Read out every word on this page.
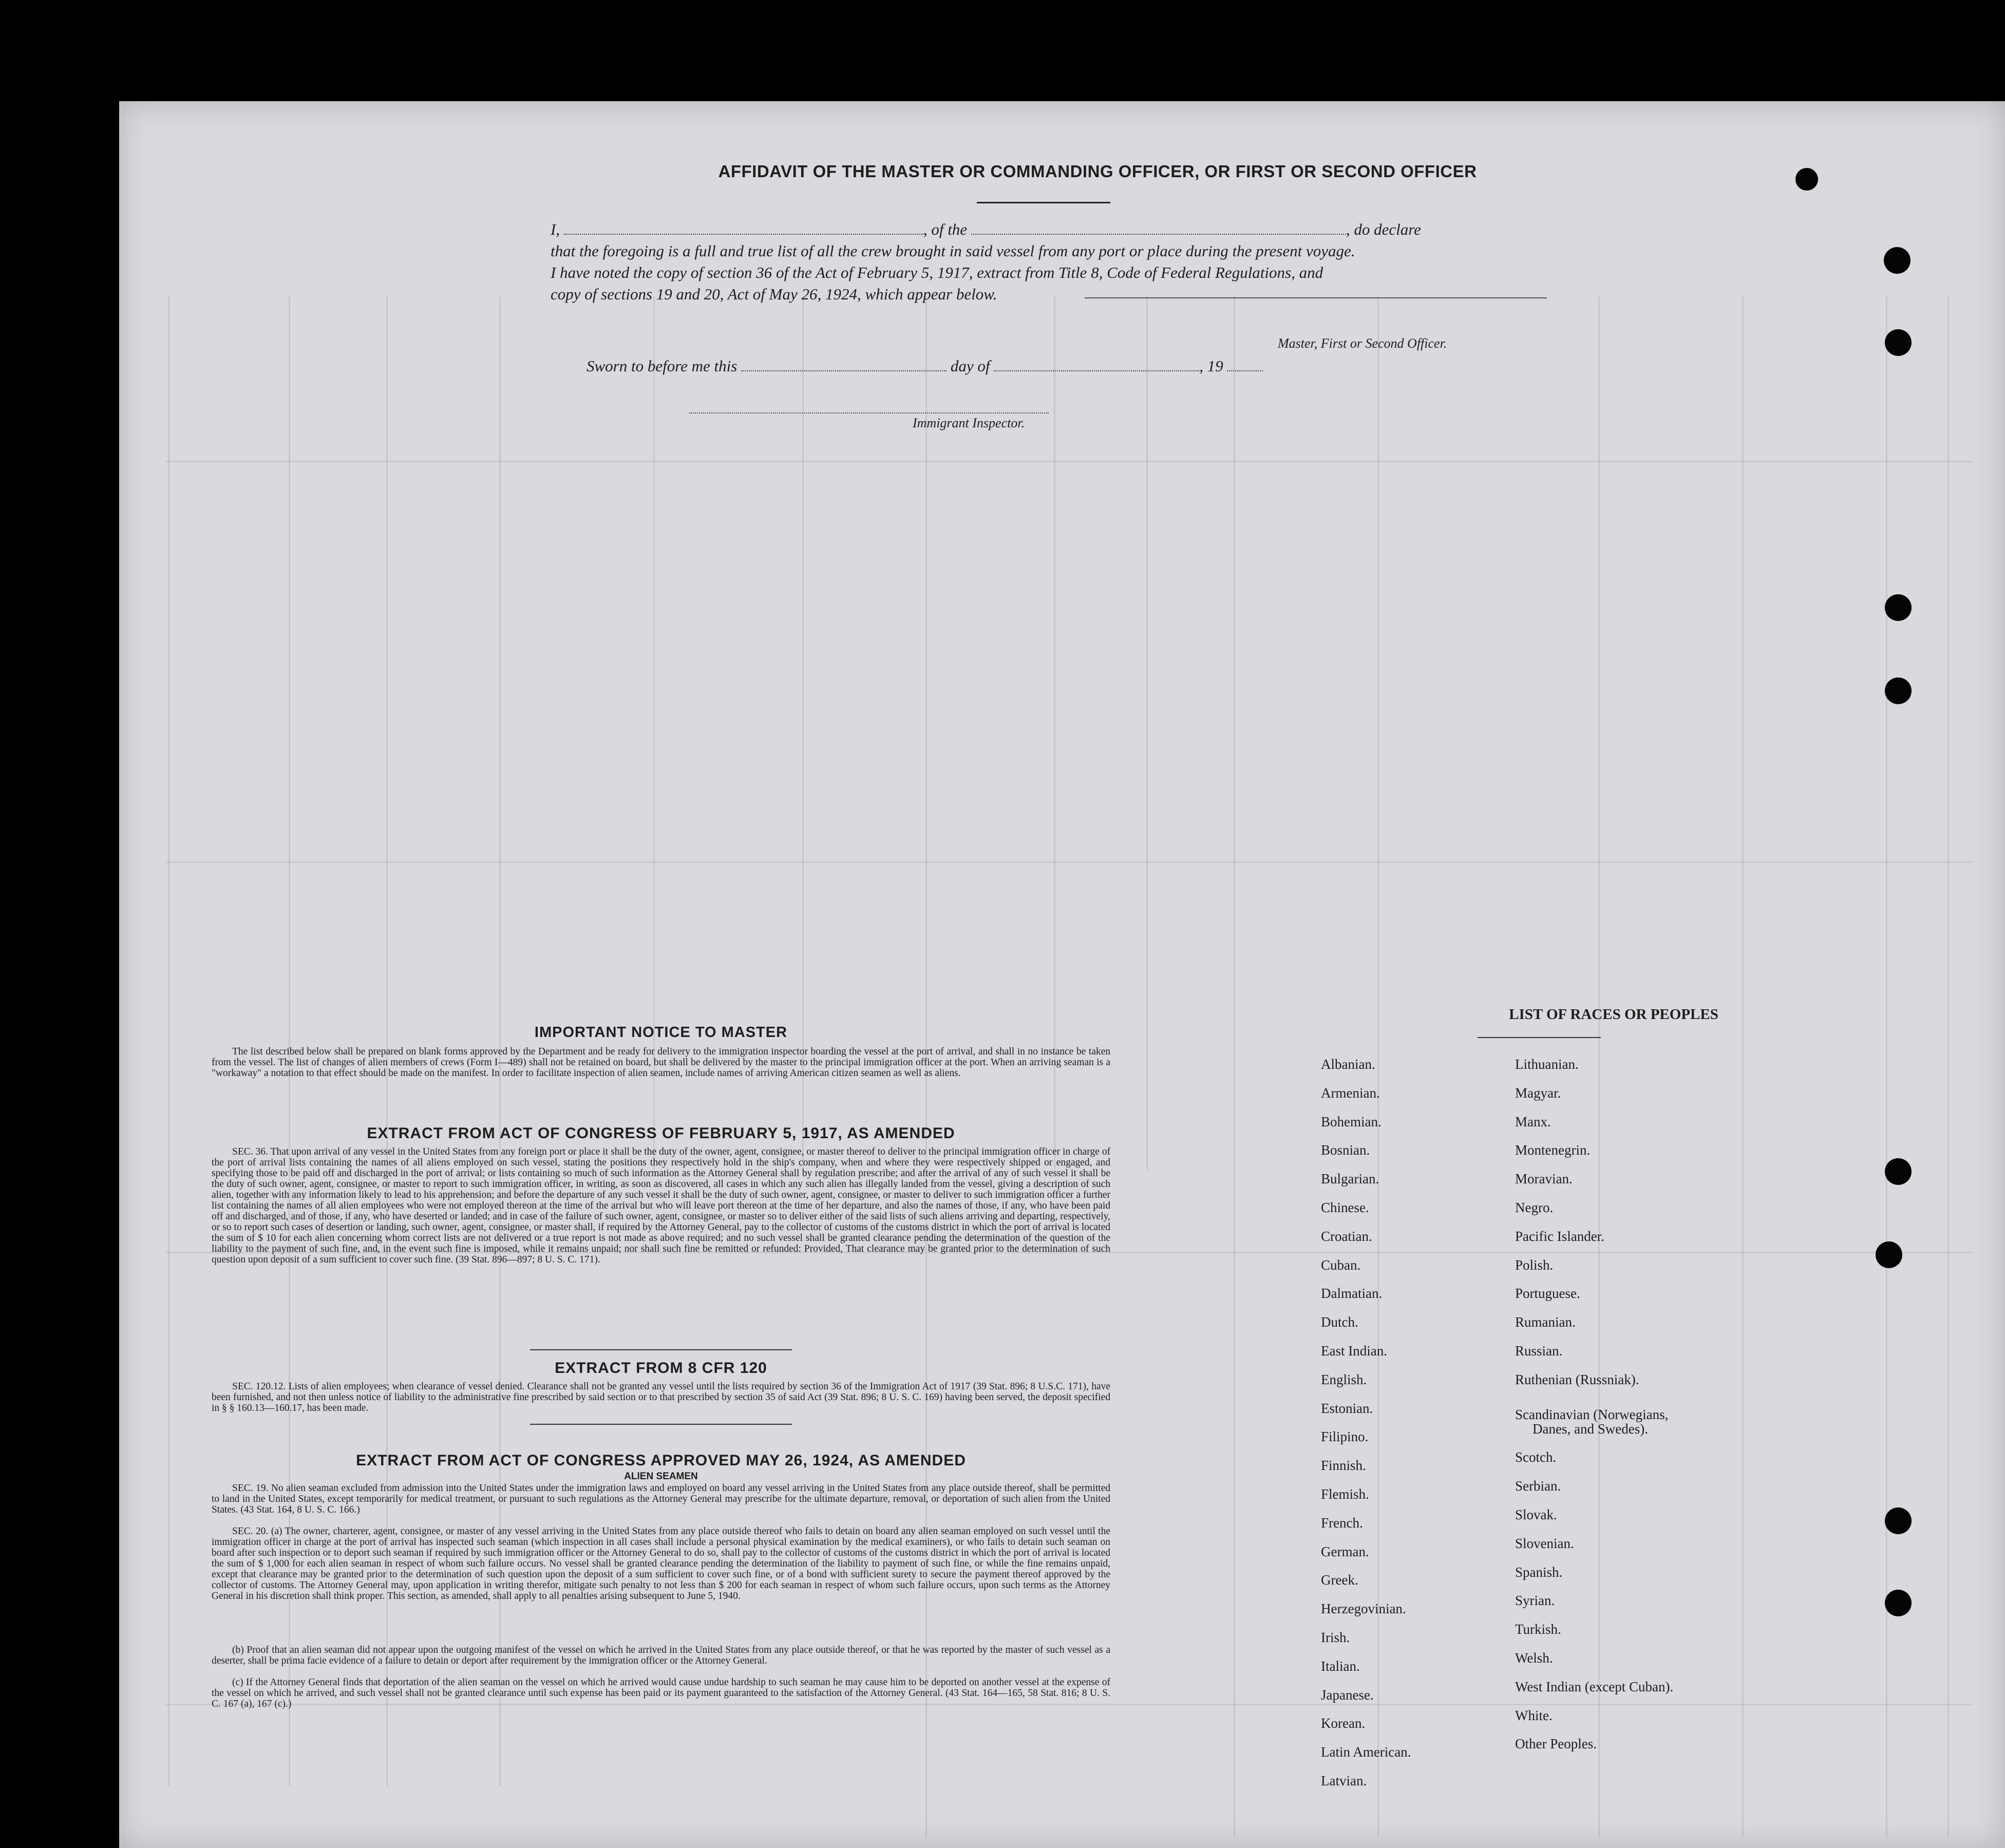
AFFIDAVIT OF THE MASTER OR COMMANDING OFFICER, OR FIRST OR SECOND OFFICER
I,	, of the	, do declare
that the foregoing is a full and true list of all the crew brought in said vessel from any port or place during the present voyage.
I have noted the copy of section 36 of the Act of February 5, 1917, extract from Title 8, Code of Federal Regulations, and
copy of sections 19 and 20, Act of May 26, 1924, which appear below.
Master, First or Second Officer.
Sworn to before me this	day of	, 19
Immigrant Inspector.
IMPORTANT NOTICE TO MASTER

The list described below shall be prepared on blank forms approved by the Department and be ready for delivery to the immigration inspector boarding the vessel at the port of arrival, and shall in no instance be taken from the vessel. The list of changes of alien members of crews (Form I—489) shall not be retained on board, but shall be delivered by the master to the principal immigration officer at the port. When an arriving seaman is a "workaway" a notation to that effect should be made on the manifest. In order to facilitate inspection of alien seamen, include names of arriving American citizen seamen as well as aliens.

EXTRACT FROM ACT OF CONGRESS OF FEBRUARY 5, 1917, AS AMENDED

SEC. 36. That upon arrival of any vessel in the United States from any foreign port or place it shall be the duty of the owner, agent, consignee, or master thereof to deliver to the principal immigration officer in charge of the port of arrival lists containing the names of all aliens employed on such vessel, stating the positions they respectively hold in the ship's company, when and where they were respectively shipped or engaged, and specifying those to be paid off and discharged in the port of arrival; or lists containing so much of such information as the Attorney General shall by regulation prescribe; and after the arrival of any of such vessel it shall be the duty of such owner, agent, consignee, or master to report to such immigration officer, in writing, as soon as discovered, all cases in which any such alien has illegally landed from the vessel, giving a description of such alien, together with any information likely to lead to his apprehension; and before the departure of any such vessel it shall be the duty of such owner, agent, consignee, or master to deliver to such immigration officer a further list containing the names of all alien employees who were not employed thereon at the time of the arrival but who will leave port thereon at the time of her departure, and also the names of those, if any, who have been paid off and discharged, and of those, if any, who have deserted or landed; and in case of the failure of such owner, agent, consignee, or master so to deliver either of the said lists of such aliens arriving and departing, respectively, or so to report such cases of desertion or landing, such owner, agent, consignee, or master shall, if required by the Attorney General, pay to the collector of customs of the customs district in which the port of arrival is located the sum of $ 10 for each alien concerning whom correct lists are not delivered or a true report is not made as above required; and no such vessel shall be granted clearance pending the determination of the question of the liability to the payment of such fine, and, in the event such fine is imposed, while it remains unpaid; nor shall such fine be remitted or refunded: Provided, That clearance may be granted prior to the determination of such question upon deposit of a sum sufficient to cover such fine. (39 Stat. 896—897; 8 U. S. C. 171).

EXTRACT FROM 8 CFR 120

SEC. 120.12. Lists of alien employees; when clearance of vessel denied. Clearance shall not be granted any vessel until the lists required by section 36 of the Immigration Act of 1917 (39 Stat. 896; 8 U.S.C. 171), have been furnished, and not then unless notice of liability to the administrative fine prescribed by said section or to that prescribed by section 35 of said Act (39 Stat. 896; 8 U. S. C. 169) having been served, the deposit specified in § § 160.13—160.17, has been made.

EXTRACT FROM ACT OF CONGRESS APPROVED MAY 26, 1924, AS AMENDED
ALIEN SEAMEN

SEC. 19. No alien seaman excluded from admission into the United States under the immigration laws and employed on board any vessel arriving in the United States from any place outside thereof, shall be permitted to land in the United States, except temporarily for medical treatment, or pursuant to such regulations as the Attorney General may prescribe for the ultimate departure, removal, or deportation of such alien from the United States. (43 Stat. 164, 8 U. S. C. 166.)

SEC. 20. (a) The owner, charterer, agent, consignee, or master of any vessel arriving in the United States from any place outside thereof who fails to detain on board any alien seaman employed on such vessel until the immigration officer in charge at the port of arrival has inspected such seaman (which inspection in all cases shall include a personal physical examination by the medical examiners), or who fails to detain such seaman on board after such inspection or to deport such seaman if required by such immigration officer or the Attorney General to do so, shall pay to the collector of customs of the customs district in which the port of arrival is located the sum of $ 1,000 for each alien seaman in respect of whom such failure occurs. No vessel shall be granted clearance pending the determination of the liability to payment of such fine, or while the fine remains unpaid, except that clearance may be granted prior to the determination of such question upon the deposit of a sum sufficient to cover such fine, or of a bond with sufficient surety to secure the payment thereof approved by the collector of customs. The Attorney General may, upon application in writing therefor, mitigate such penalty to not less than $ 200 for each seaman in respect of whom such failure occurs, upon such terms as the Attorney General in his discretion shall think proper. This section, as amended, shall apply to all penalties arising subsequent to June 5, 1940.

(b) Proof that an alien seaman did not appear upon the outgoing manifest of the vessel on which he arrived in the United States from any place outside thereof, or that he was reported by the master of such vessel as a deserter, shall be prima facie evidence of a failure to detain or deport after requirement by the immigration officer or the Attorney General.

(c) If the Attorney General finds that deportation of the alien seaman on the vessel on which he arrived would cause undue hardship to such seaman he may cause him to be deported on another vessel at the expense of the vessel on which he arrived, and such vessel shall not be granted clearance until such expense has been paid or its payment guaranteed to the satisfaction of the Attorney General. (43 Stat. 164—165, 58 Stat. 816; 8 U. S. C. 167 (a), 167 (c).)

LIST OF RACES OR PEOPLES
Albanian.
Armenian.
Bohemian.
Bosnian.
Bulgarian.
Chinese.
Croatian.
Cuban.
Dalmatian.
Dutch.
East Indian.
English.
Estonian.
Filipino.
Finnish.
Flemish.
French.
German.
Greek.
Herzegovinian.
Irish.
Italian.
Japanese.
Korean.
Latin American.
Latvian.
Lithuanian.
Magyar.
Manx.
Montenegrin.
Moravian.
Negro.
Pacific Islander.
Polish.
Portuguese.
Rumanian.
Russian.
Ruthenian (Russniak).
Scandinavian (Norwegians,
Danes, and Swedes).
Scotch.
Serbian.
Slovak.
Slovenian.
Spanish.
Syrian.
Turkish.
Welsh.
West Indian (except Cuban).
White.
Other Peoples.
